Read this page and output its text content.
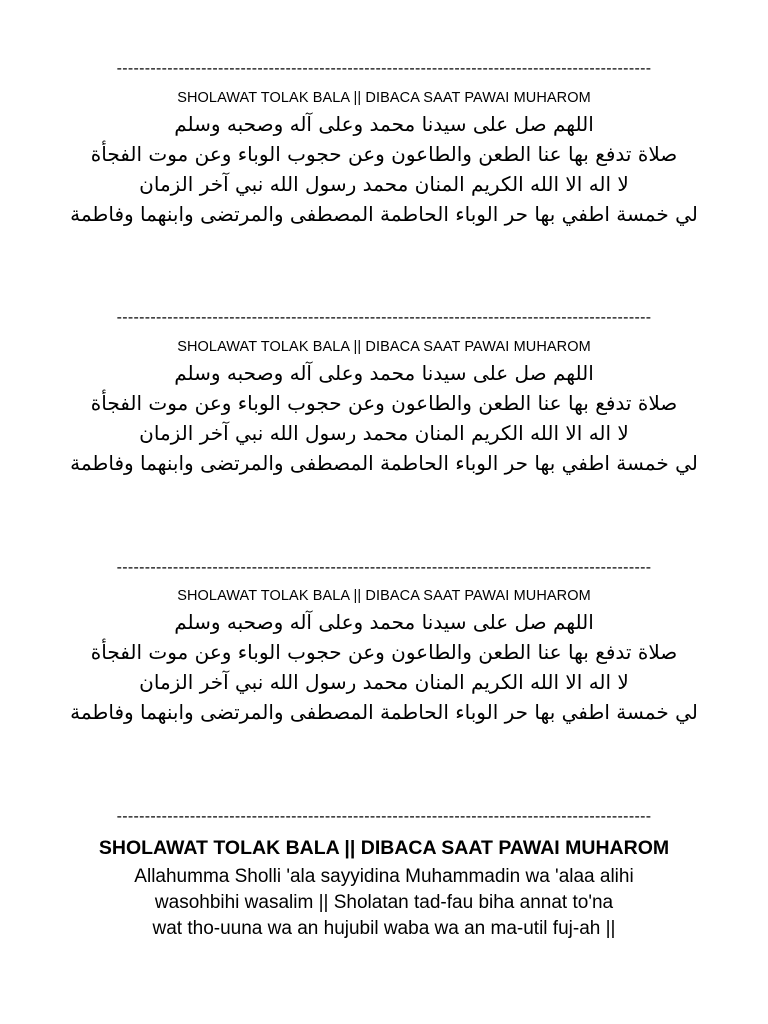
-----------------------------------------------------------------------------------------------
SHOLAWAT TOLAK BALA || DIBACA SAAT PAWAI MUHAROM
اللهم صل على سيدنا محمد وعلى آله وصحبه وسلم
صلاة تدفع بها عنا الطعن والطاعون وعن حجوب الوباء وعن موت الفجأة
لا اله الا الله الكريم المنان محمد رسول الله نبي آخر الزمان
لي خمسة اطفي بها حر الوباء الحاطمة المصطفى والمرتضى وابنهما وفاطمة
-----------------------------------------------------------------------------------------------
SHOLAWAT TOLAK BALA || DIBACA SAAT PAWAI MUHAROM
اللهم صل على سيدنا محمد وعلى آله وصحبه وسلم
صلاة تدفع بها عنا الطعن والطاعون وعن حجوب الوباء وعن موت الفجأة
لا اله الا الله الكريم المنان محمد رسول الله نبي آخر الزمان
لي خمسة اطفي بها حر الوباء الحاطمة المصطفى والمرتضى وابنهما وفاطمة
-----------------------------------------------------------------------------------------------
SHOLAWAT TOLAK BALA || DIBACA SAAT PAWAI MUHAROM
اللهم صل على سيدنا محمد وعلى آله وصحبه وسلم
صلاة تدفع بها عنا الطعن والطاعون وعن حجوب الوباء وعن موت الفجأة
لا اله الا الله الكريم المنان محمد رسول الله نبي آخر الزمان
لي خمسة اطفي بها حر الوباء الحاطمة المصطفى والمرتضى وابنهما وفاطمة
-----------------------------------------------------------------------------------------------
SHOLAWAT TOLAK BALA || DIBACA SAAT PAWAI MUHAROM
Allahumma Sholli 'ala sayyidina Muhammadin wa 'alaa alihi
wasohbihi wasalim || Sholatan tad-fau biha annat to'na
wat tho-uuna wa an hujubil waba wa an ma-util fuj-ah ||
